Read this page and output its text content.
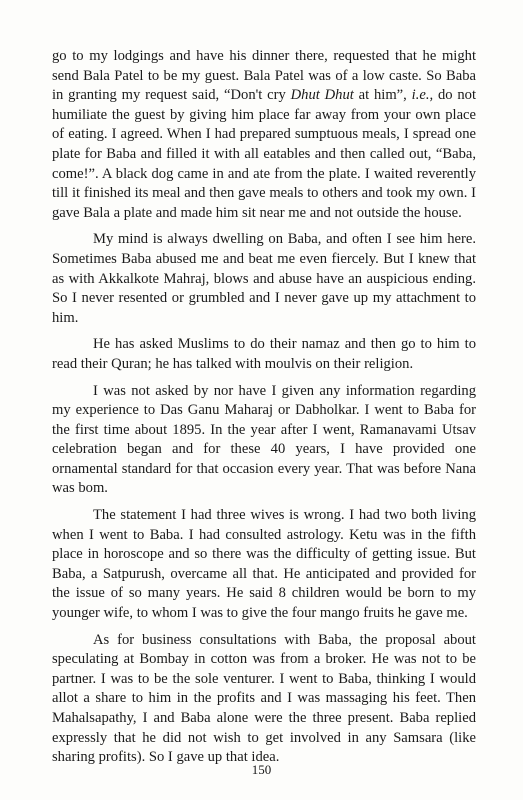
go to my lodgings and have his dinner there, requested that he might send Bala Patel to be my guest. Bala Patel was of a low caste. So Baba in granting my request said, “Don't cry Dhut Dhut at him”, i.e., do not humiliate the guest by giving him place far away from your own place of eating. I agreed. When I had prepared sumptuous meals, I spread one plate for Baba and filled it with all eatables and then called out, “Baba, come!”. A black dog came in and ate from the plate. I waited reverently till it finished its meal and then gave meals to others and took my own. I gave Bala a plate and made him sit near me and not outside the house.

My mind is always dwelling on Baba, and often I see him here. Sometimes Baba abused me and beat me even fiercely. But I knew that as with Akkalkote Mahraj, blows and abuse have an auspicious ending. So I never resented or grumbled and I never gave up my attachment to him.

He has asked Muslims to do their namaz and then go to him to read their Quran; he has talked with moulvis on their religion.

I was not asked by nor have I given any information regarding my experience to Das Ganu Maharaj or Dabholkar. I went to Baba for the first time about 1895. In the year after I went, Ramanavami Utsav celebration began and for these 40 years, I have provided one ornamental standard for that occasion every year. That was before Nana was bom.

The statement I had three wives is wrong. I had two both living when I went to Baba. I had consulted astrology. Ketu was in the fifth place in horoscope and so there was the difficulty of getting issue. But Baba, a Satpurush, overcame all that. He anticipated and provided for the issue of so many years. He said 8 children would be born to my younger wife, to whom I was to give the four mango fruits he gave me.

As for business consultations with Baba, the proposal about speculating at Bombay in cotton was from a broker. He was not to be partner. I was to be the sole venturer. I went to Baba, thinking I would allot a share to him in the profits and I was massaging his feet. Then Mahalsapathy, I and Baba alone were the three present. Baba replied expressly that he did not wish to get involved in any Samsara (like sharing profits). So I gave up that idea.

150
